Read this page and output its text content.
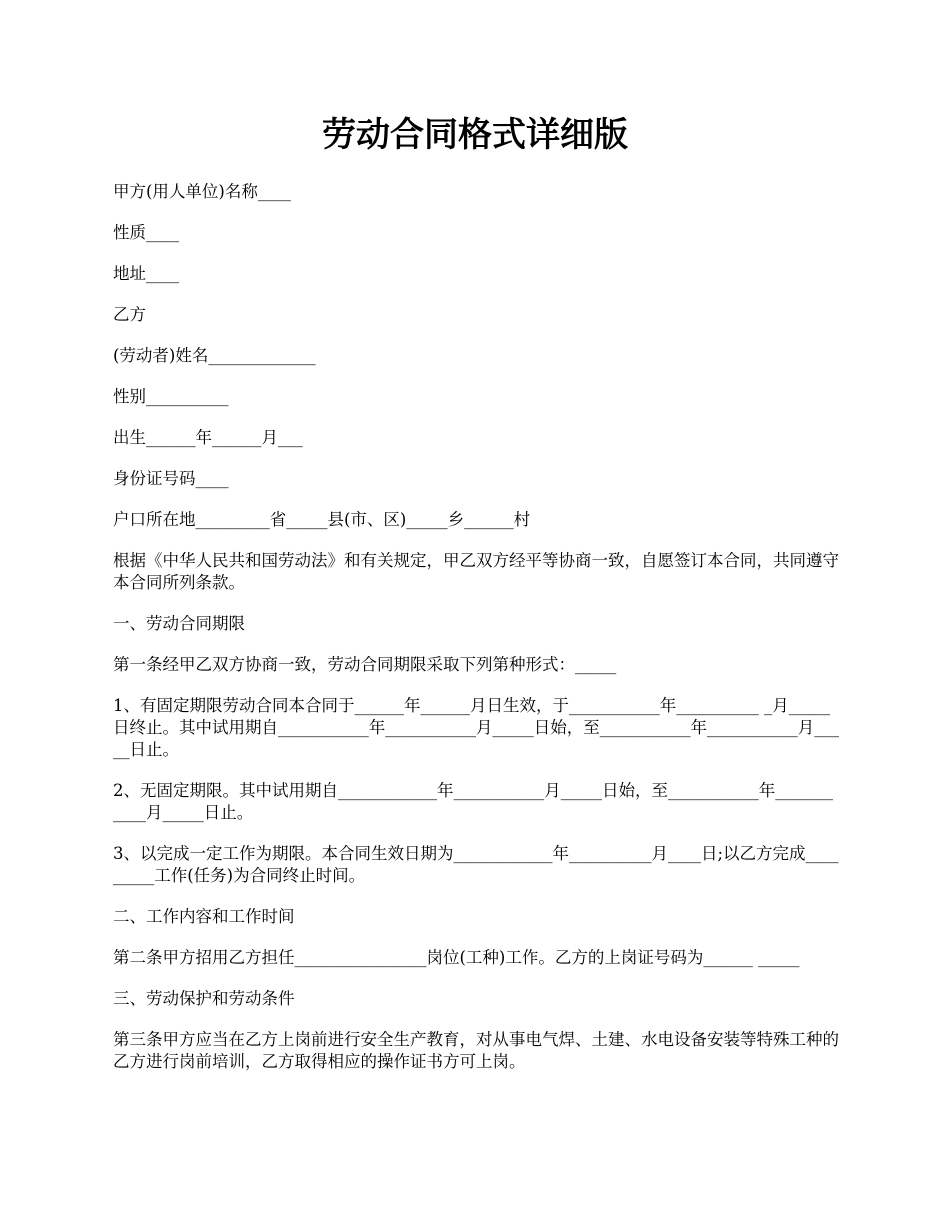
劳动合同格式详细版

甲方(用人单位)名称____

性质____

地址____

乙方

(劳动者)姓名_____________

性别__________

出生______年______月___

身份证号码____

户口所在地_________省_____县(市、区)_____乡______村

根据《中华人民共和国劳动法》和有关规定，甲乙双方经平等协商一致，自愿签订本合同，共同遵守本合同所列条款。

一、劳动合同期限

第一条经甲乙双方协商一致，劳动合同期限采取下列第种形式：_____

1、有固定期限劳动合同本合同于______年______月日生效，于___________年__________ _月_____日终止。其中试用期自___________年___________月_____日始，至___________年___________月_____日止。

2、无固定期限。其中试用期自____________年___________月_____日始，至___________年___________月_____日止。

3、以完成一定工作为期限。本合同生效日期为____________年__________月____日;以乙方完成_________工作(任务)为合同终止时间。

二、工作内容和工作时间

第二条甲方招用乙方担任________________岗位(工种)工作。乙方的上岗证号码为______ _____

三、劳动保护和劳动条件

第三条甲方应当在乙方上岗前进行安全生产教育，对从事电气焊、土建、水电设备安装等特殊工种的乙方进行岗前培训，乙方取得相应的操作证书方可上岗。
